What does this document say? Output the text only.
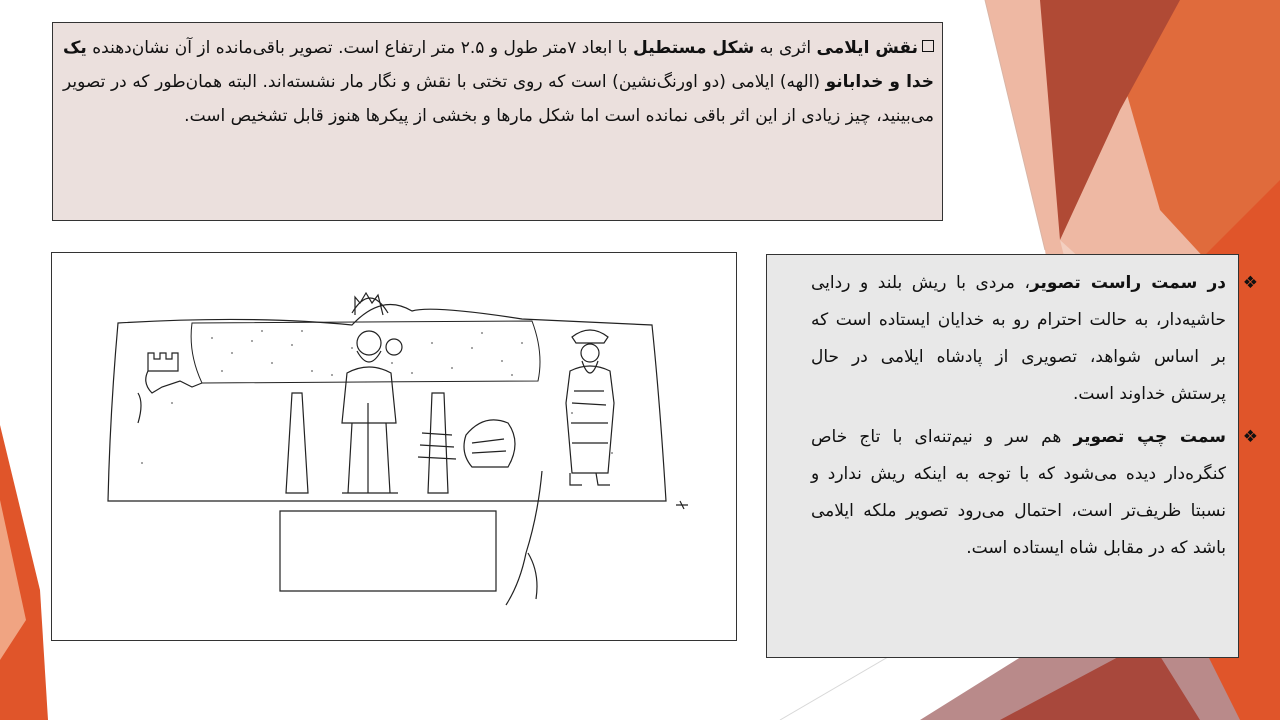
نقش ایلامی اثری به شکل مستطیل با ابعاد ۷متر طول و ۲.۵ متر ارتفاع است. تصویر باقی‌مانده از آن نشان‌دهنده یک خدا و خدابانو (الهه) ایلامی (دو اورنگ‌نشین) است که روی تختی با نقش و نگار مار نشسته‌اند. البته همان‌طور که در تصویر می‌بینید، چیز زیادی از این اثر باقی نمانده است اما شکل مارها و بخشی از پیکرها هنوز قابل تشخیص است.
❖
در سمت راست تصویر، مردی با ریش بلند و ردایی حاشیه‌دار، به حالت احترام رو به خدایان ایستاده است که بر اساس شواهد، تصویری از پادشاه ایلامی در حال پرستش خداوند است.
❖
سمت چپ تصویر هم سر و نیم‌تنه‌ای با تاج خاص کنگره‌دار دیده می‌شود که با توجه به اینکه ریش ندارد و نسبتا ظریف‌تر است، احتمال می‌رود تصویر ملکه ایلامی باشد که در مقابل شاه ایستاده است.
